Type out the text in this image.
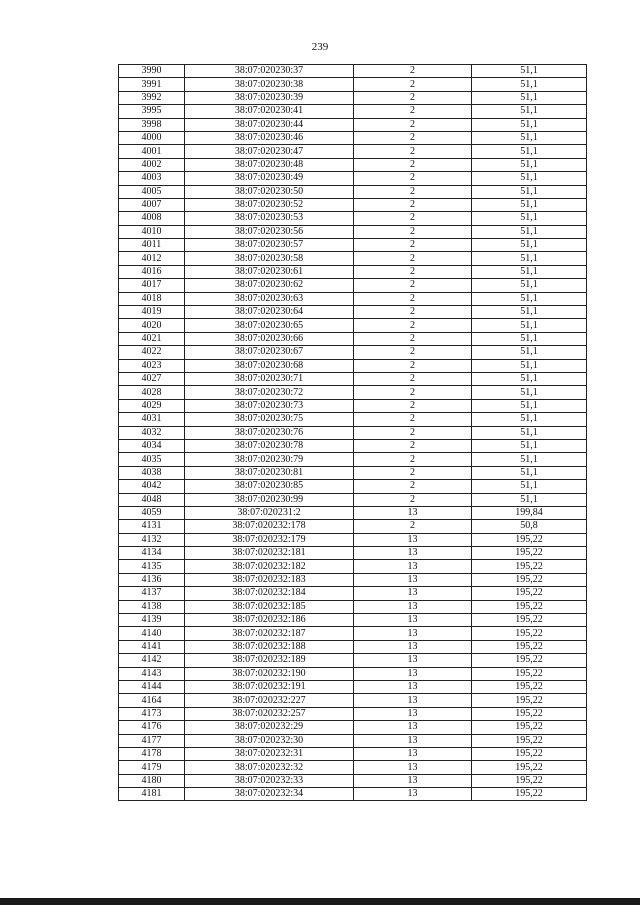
239
3990	38:07:020230:37	2	51,1
3991	38:07:020230:38	2	51,1
3992	38:07:020230:39	2	51,1
3995	38:07:020230:41	2	51,1
3998	38:07:020230:44	2	51,1
4000	38:07:020230:46	2	51,1
4001	38:07:020230:47	2	51,1
4002	38:07:020230:48	2	51,1
4003	38:07:020230:49	2	51,1
4005	38:07:020230:50	2	51,1
4007	38:07:020230:52	2	51,1
4008	38:07:020230:53	2	51,1
4010	38:07:020230:56	2	51,1
4011	38:07:020230:57	2	51,1
4012	38:07:020230:58	2	51,1
4016	38:07:020230:61	2	51,1
4017	38:07:020230:62	2	51,1
4018	38:07:020230:63	2	51,1
4019	38:07:020230:64	2	51,1
4020	38:07:020230:65	2	51,1
4021	38:07:020230:66	2	51,1
4022	38:07:020230:67	2	51,1
4023	38:07:020230:68	2	51,1
4027	38:07:020230:71	2	51,1
4028	38:07:020230:72	2	51,1
4029	38:07:020230:73	2	51,1
4031	38:07:020230:75	2	51,1
4032	38:07:020230:76	2	51,1
4034	38:07:020230:78	2	51,1
4035	38:07:020230:79	2	51,1
4038	38:07:020230:81	2	51,1
4042	38:07:020230:85	2	51,1
4048	38:07:020230:99	2	51,1
4059	38:07:020231:2	13	199,84
4131	38:07:020232:178	2	50,8
4132	38:07:020232:179	13	195,22
4134	38:07:020232:181	13	195,22
4135	38:07:020232:182	13	195,22
4136	38:07:020232:183	13	195,22
4137	38:07:020232:184	13	195,22
4138	38:07:020232:185	13	195,22
4139	38:07:020232:186	13	195,22
4140	38:07:020232:187	13	195,22
4141	38:07:020232:188	13	195,22
4142	38:07:020232:189	13	195,22
4143	38:07:020232:190	13	195,22
4144	38:07:020232:191	13	195,22
4164	38:07:020232:227	13	195,22
4173	38:07:020232:257	13	195,22
4176	38:07:020232:29	13	195,22
4177	38:07:020232:30	13	195,22
4178	38:07:020232:31	13	195,22
4179	38:07:020232:32	13	195,22
4180	38:07:020232:33	13	195,22
4181	38:07:020232:34	13	195,22
